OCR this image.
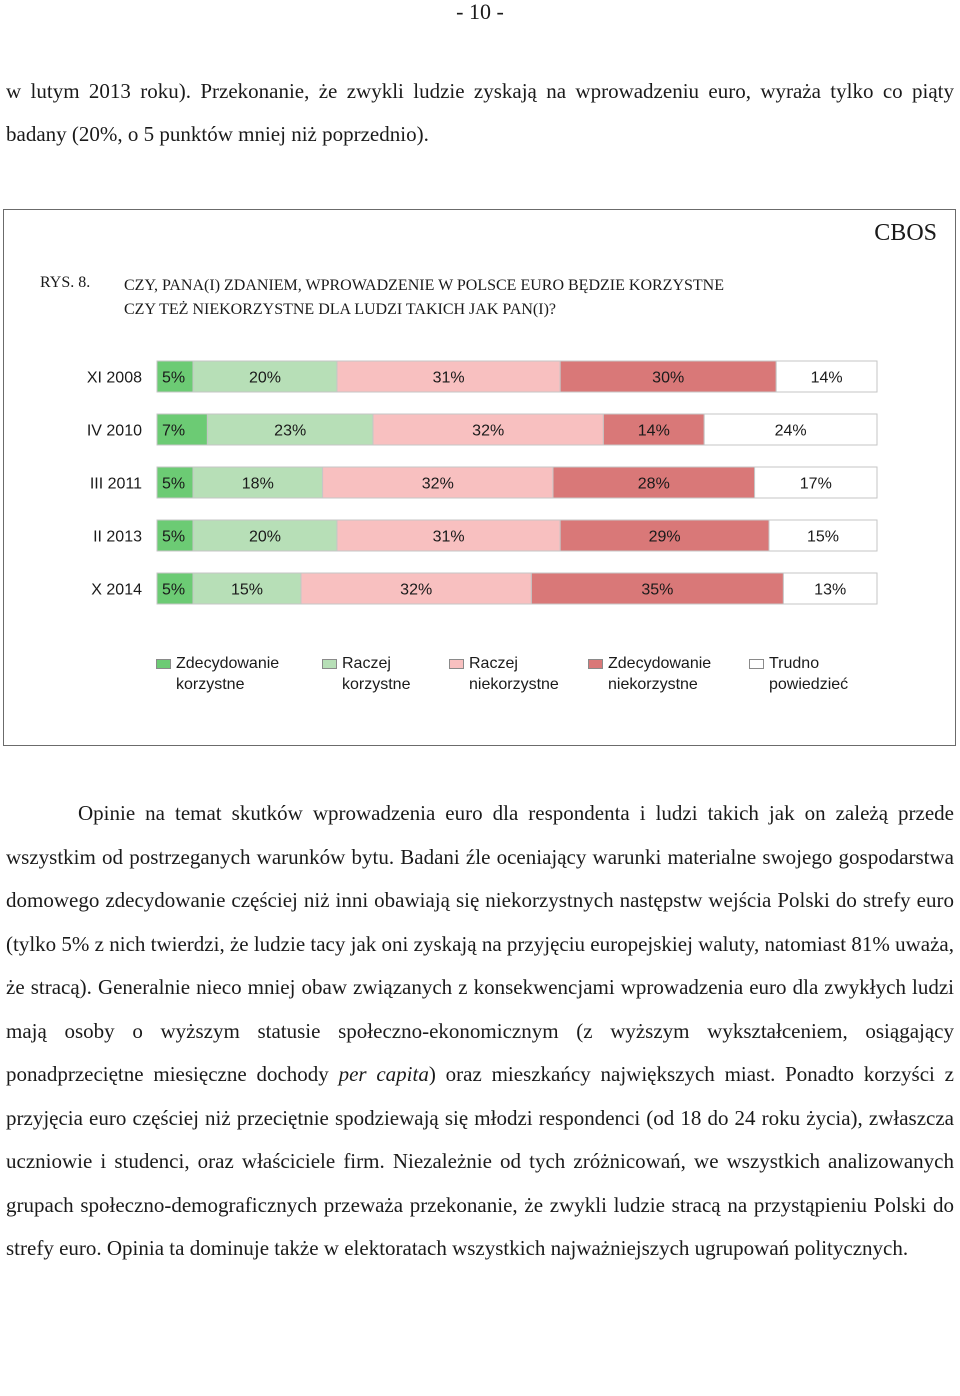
- 10 -

w lutym 2013 roku). Przekonanie, że zwykli ludzie zyskają na wprowadzeniu euro, wyraża tylko co piąty badany (20%, o 5 punktów mniej niż poprzednio).

CBOS
RYS. 8. CZY, PANA(I) ZDANIEM, WPROWADZENIE W POLSCE EURO BĘDZIE KORZYSTNE
CZY TEŻ NIEKORZYSTNE DLA LUDZI TAKICH JAK PAN(I)?
XI 2008 5%	20%	31%	30%	14%
IV 2010 7%	23%	32%	14%	24%
III 2011 5%	18%	32%	28%	17%
II 2013 5%	20%	31%	29%	15%
X 2014 5%	15%	32%	35%	13%
Zdecydowanie
korzystne
Raczej
korzystne
Raczej
niekorzystne
Zdecydowanie
niekorzystne
Trudno
powiedzieć

Opinie na temat skutków wprowadzenia euro dla respondenta i ludzi takich jak on zależą przede wszystkim od postrzeganych warunków bytu. Badani źle oceniający warunki materialne swojego gospodarstwa domowego zdecydowanie częściej niż inni obawiają się niekorzystnych następstw wejścia Polski do strefy euro (tylko 5% z nich twierdzi, że ludzie tacy jak oni zyskają na przyjęciu europejskiej waluty, natomiast 81% uważa, że stracą). Generalnie nieco mniej obaw związanych z konsekwencjami wprowadzenia euro dla zwykłych ludzi mają osoby o wyższym statusie społeczno-ekonomicznym (z wyższym wykształceniem, osiągający ponadprzeciętne miesięczne dochody per capita) oraz mieszkańcy największych miast. Ponadto korzyści z przyjęcia euro częściej niż przeciętnie spodziewają się młodzi respondenci (od 18 do 24 roku życia), zwłaszcza uczniowie i studenci, oraz właściciele firm. Niezależnie od tych zróżnicowań, we wszystkich analizowanych grupach społeczno-demograficznych przeważa przekonanie, że zwykli ludzie stracą na przystąpieniu Polski do strefy euro. Opinia ta dominuje także w elektoratach wszystkich najważniejszych ugrupowań politycznych.
